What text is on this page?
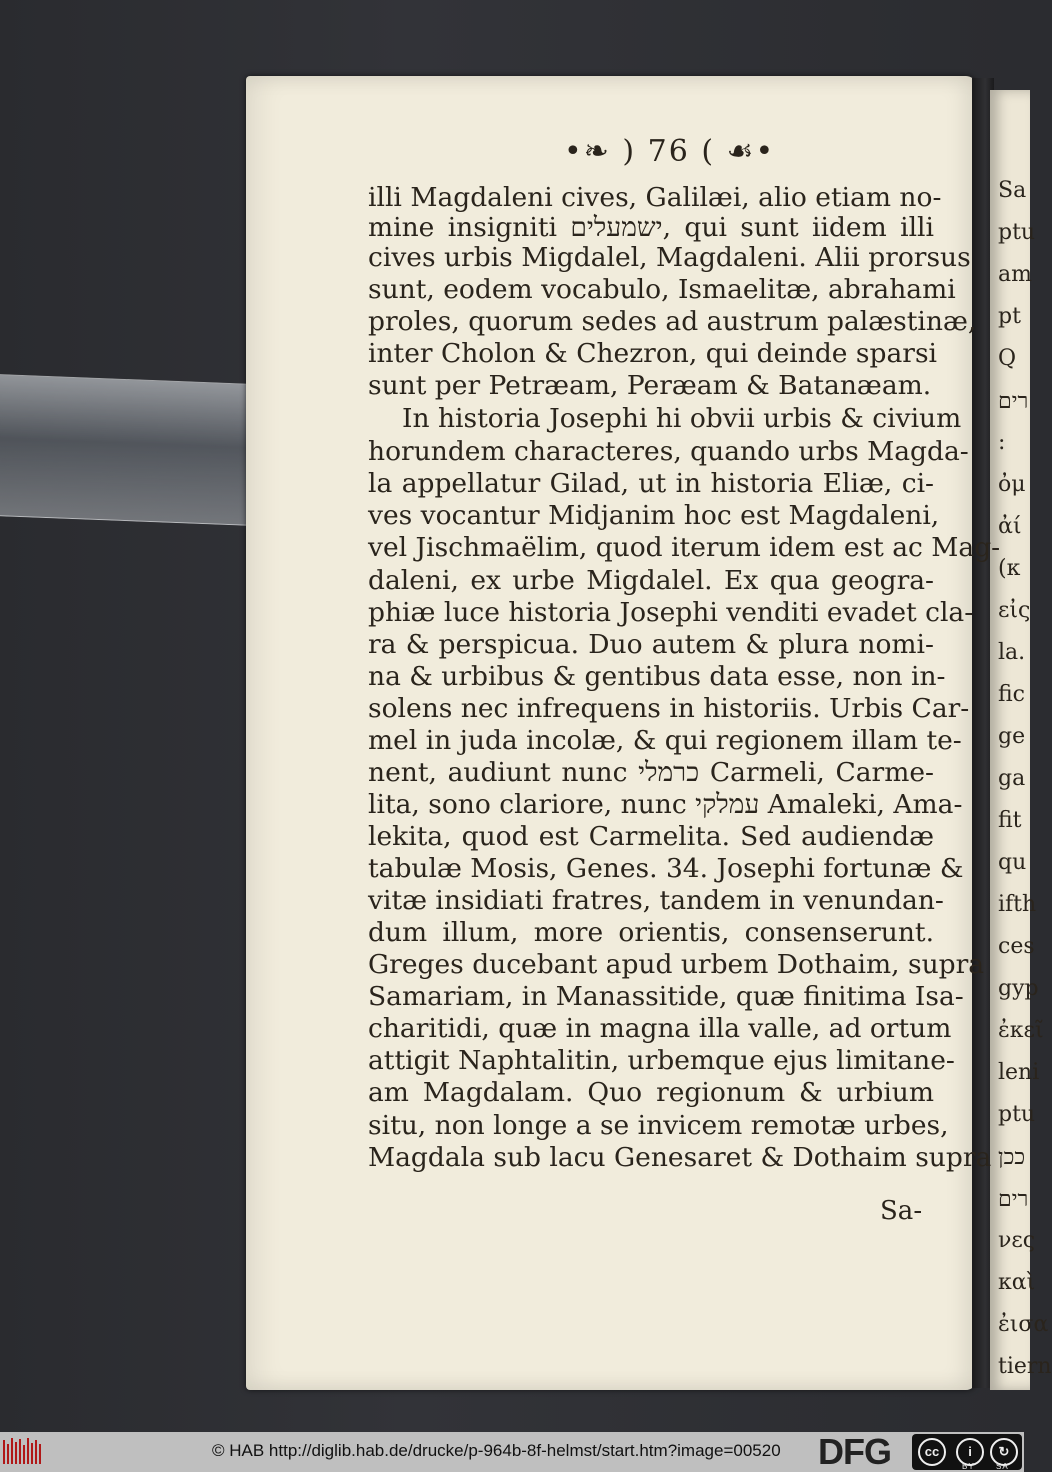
Sa
ptu
am
pt
Q
רים
:
ὀμ
ἀί
(κ
εἰς
la.
fic
ge
ga
fit
qu
ifth
ces
gyp
ἐκεῖ
leni
ptu
ככן
רים
νες
καὶ
ἐισα
tiern
•❧ ) 76 ( ☙•
illi Magdaleni cives, Galilæi, alio etiam no-
mine insigniti ישמעלים, qui sunt iidem illi
cives urbis Migdalel, Magdaleni. Alii prorsus
sunt, eodem vocabulo, Ismaelitæ, abrahami
proles, quorum sedes ad austrum palæstinæ,
inter Cholon & Chezron, qui deinde sparsi
sunt per Petræam, Peræam & Batanæam.
In historia Josephi hi obvii urbis & civium
horundem characteres, quando urbs Magda-
la appellatur Gilad, ut in historia Eliæ, ci-
ves vocantur Midjanim hoc est Magdaleni,
vel Jischmaëlim, quod iterum idem est ac Mag-
daleni, ex urbe Migdalel. Ex qua geogra-
phiæ luce historia Josephi venditi evadet cla-
ra & perspicua. Duo autem & plura nomi-
na & urbibus & gentibus data esse, non in-
solens nec infrequens in historiis. Urbis Car-
mel in juda incolæ, & qui regionem illam te-
nent, audiunt nunc כרמלי Carmeli, Carme-
lita, sono clariore, nunc עמלקי Amaleki, Ama-
lekita, quod est Carmelita. Sed audiendæ
tabulæ Mosis, Genes. 34. Josephi fortunæ &
vitæ insidiati fratres, tandem in venundan-
dum illum, more orientis, consenserunt.
Greges ducebant apud urbem Dothaim, supra
Samariam, in Manassitide, quæ finitima Isa-
charitidi, quæ in magna illa valle, ad ortum
attigit Naphtalitin, urbemque ejus limitane-
am Magdalam. Quo regionum & urbium
situ, non longe a se invicem remotæ urbes,
Magdala sub lacu Genesaret & Dothaim supra
Sa-
© HAB http://diglib.hab.de/drucke/p-964b-8f-helmst/start.htm?image=00520 DFG	cc	i	↻
BY	SA
